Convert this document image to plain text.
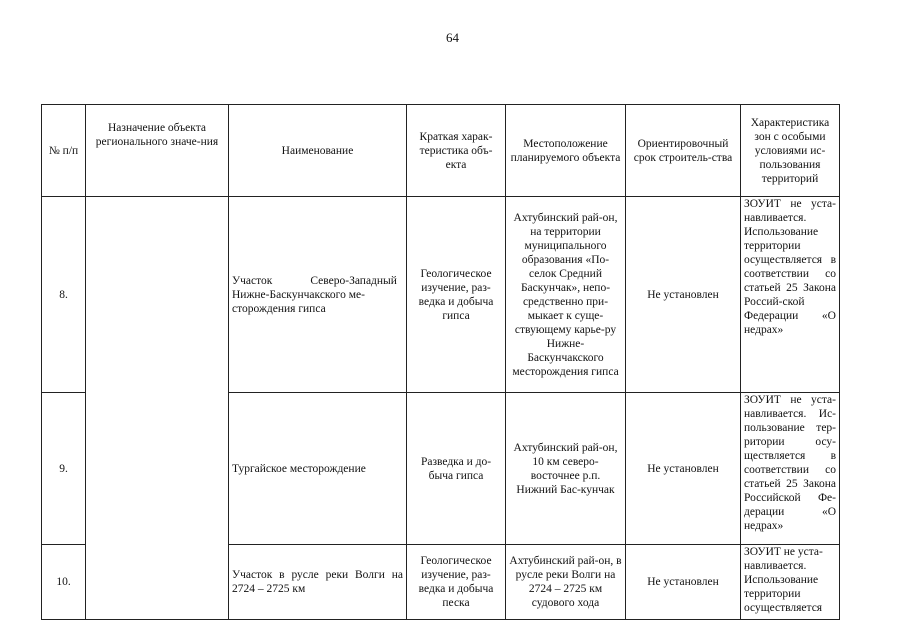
64
№ п/п	Назначение объекта регионального значе-ния	Наименование	Краткая харак-теристика объ-екта	Местоположение планируемого объекта	Ориентировочный срок строитель-ства	Характеристика зон с особыми условиями ис-пользования территорий
8.		Участок Северо-Западный Нижне-Баскунчакского ме-сторождения гипса	Геологическое изучение, раз-ведка и добыча гипса	Ахтубинский рай-он, на территории муниципального образования «По-селок Средний Баскунчак», непо-средственно при-мыкает к суще-ствующему карье-ру Нижне-Баскунчакского месторождения гипса	Не установлен	ЗОУИТ не уста-навливается. Использование территории осуществляется в соответствии со статьей 25 Закона Россий-ской Федерации «О недрах»
9.		Тургайское месторождение	Разведка и до-быча гипса	Ахтубинский рай-он, 10 км северо-восточнее р.п. Нижний Бас-кунчак	Не установлен	ЗОУИТ не уста-навливается. Ис-пользование тер-ритории осу-ществляется в соответствии со статьей 25 Закона Российской Фе-дерации «О недрах»
10.		Участок в русле реки Волги на 2724 – 2725 км	Геологическое изучение, раз-ведка и добыча песка	Ахтубинский рай-он, в русле реки Волги на 2724 – 2725 км судового хода	Не установлен	ЗОУИТ не уста-навливается. Использование территории осуществляется
